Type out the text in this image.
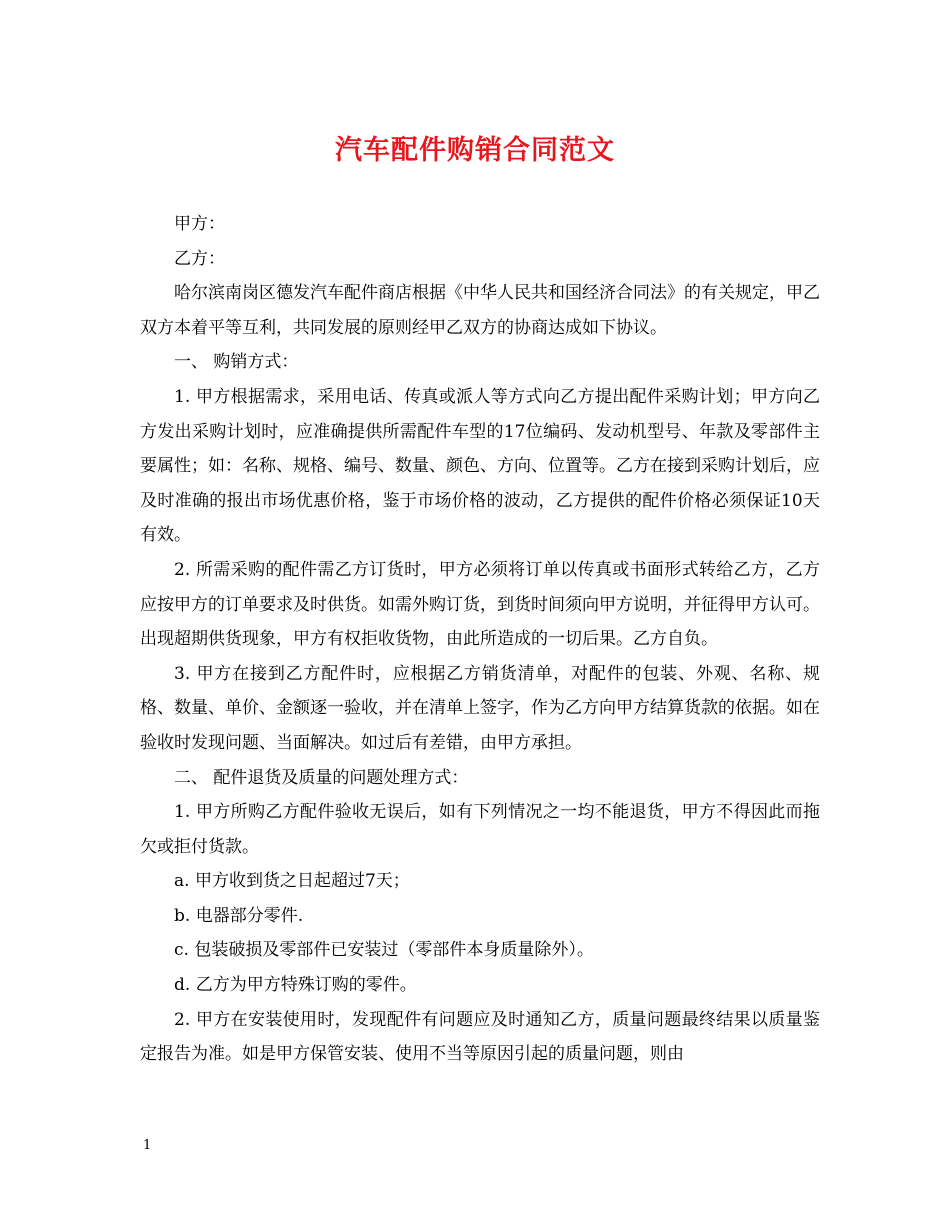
汽车配件购销合同范文

甲方：

乙方：

哈尔滨南岗区德发汽车配件商店根据《中华人民共和国经济合同法》的有关规定，甲乙双方本着平等互利，共同发展的原则经甲乙双方的协商达成如下协议。

一、 购销方式：

1. 甲方根据需求，采用电话、传真或派人等方式向乙方提出配件采购计划；甲方向乙方发出采购计划时，应准确提供所需配件车型的17位编码、发动机型号、年款及零部件主要属性；如：名称、规格、编号、数量、颜色、方向、位置等。乙方在接到采购计划后，应及时准确的报出市场优惠价格，鉴于市场价格的波动，乙方提供的配件价格必须保证10天有效。

2. 所需采购的配件需乙方订货时，甲方必须将订单以传真或书面形式转给乙方，乙方应按甲方的订单要求及时供货。如需外购订货，到货时间须向甲方说明，并征得甲方认可。出现超期供货现象，甲方有权拒收货物，由此所造成的一切后果。乙方自负。

3. 甲方在接到乙方配件时，应根据乙方销货清单，对配件的包装、外观、名称、规格、数量、单价、金额逐一验收，并在清单上签字，作为乙方向甲方结算货款的依据。如在验收时发现问题、当面解决。如过后有差错，由甲方承担。

二、 配件退货及质量的问题处理方式：

1. 甲方所购乙方配件验收无误后，如有下列情况之一均不能退货，甲方不得因此而拖欠或拒付货款。

a. 甲方收到货之日起超过7天；

b. 电器部分零件.

c. 包装破损及零部件已安装过（零部件本身质量除外）。

d. 乙方为甲方特殊订购的零件。

2. 甲方在安装使用时，发现配件有问题应及时通知乙方，质量问题最终结果以质量鉴定报告为准。如是甲方保管安装、使用不当等原因引起的质量问题，则由

1
